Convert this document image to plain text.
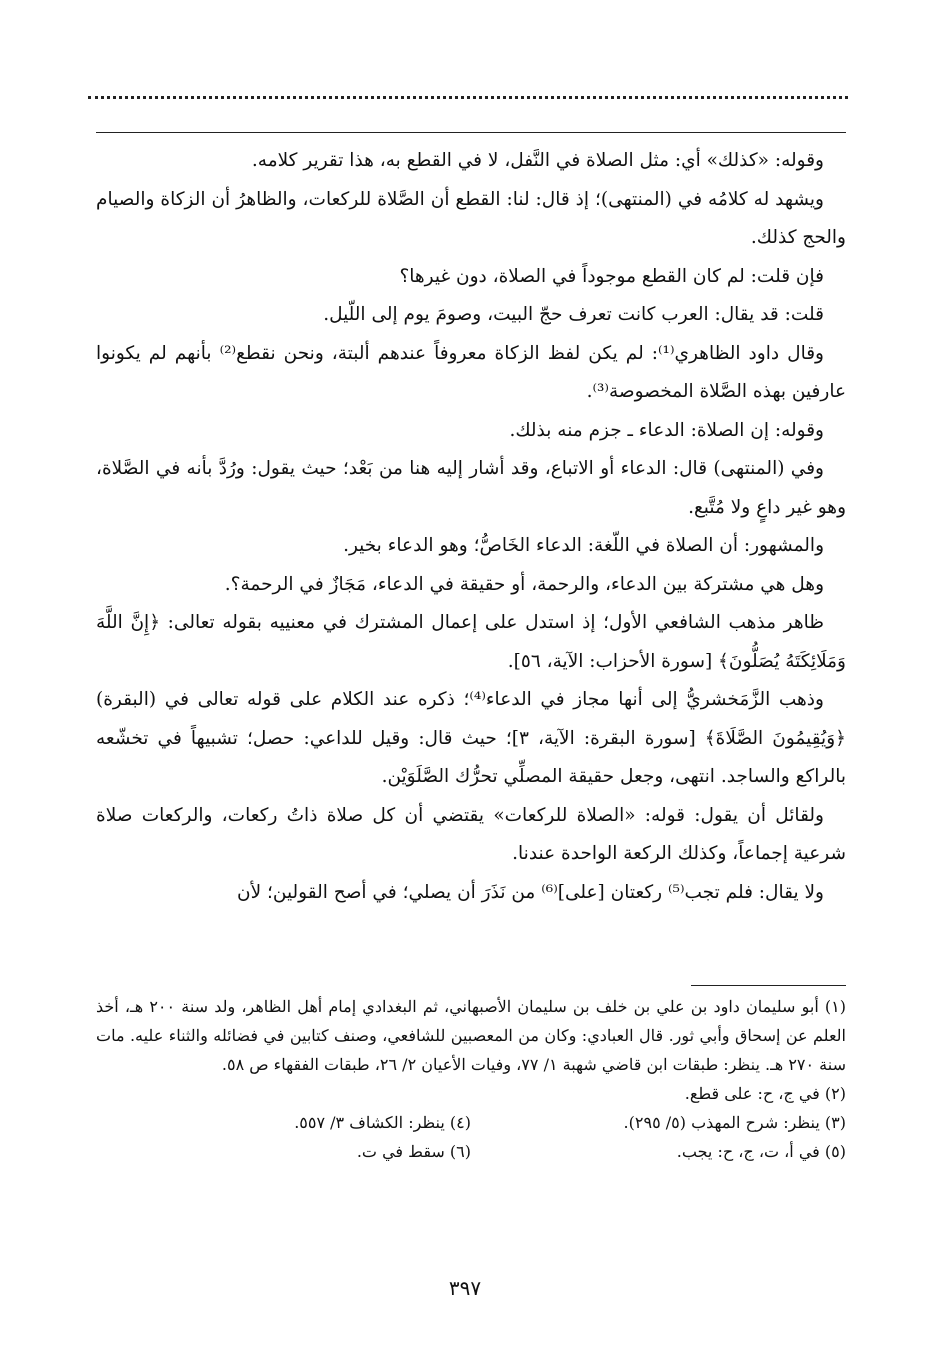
وقوله: «كذلك» أي: مثل الصلاة في النَّفل، لا في القطع به، هذا تقرير كلامه.

ويشهد له كلامُه في (المنتهى)؛ إذ قال: لنا: القطع أن الصَّلاة للركعات، والظاهرُ أن الزكاة والصيام والحج كذلك.

فإن قلت: لم كان القطع موجوداً في الصلاة، دون غيرها؟

قلت: قد يقال: العرب كانت تعرف حجّ البيت، وصومَ يوم إلى اللّيل.

وقال داود الظاهري⁽¹⁾: لم يكن لفظ الزكاة معروفاً عندهم ألبتة، ونحن نقطع⁽²⁾ بأنهم لم يكونوا عارفين بهذه الصَّلاة المخصوصة⁽³⁾.

وقوله: إن الصلاة: الدعاء ـ جزم منه بذلك.

وفي (المنتهى) قال: الدعاء أو الاتباع، وقد أشار إليه هنا من بَعْد؛ حيث يقول: ورُدَّ بأنه في الصَّلاة، وهو غير داعٍ ولا مُتَّبع.

والمشهور: أن الصلاة في اللّغة: الدعاء الخَاصُّ؛ وهو الدعاء بخير.

وهل هي مشتركة بين الدعاء، والرحمة، أو حقيقة في الدعاء، مَجَازٌ في الرحمة؟.

ظاهر مذهب الشافعي الأول؛ إذ استدل على إعمال المشترك في معنييه بقوله تعالى: ﴿إِنَّ اللَّهَ وَمَلَائِكَتَهُ يُصَلُّونَ﴾ [سورة الأحزاب: الآية، ٥٦].

وذهب الزَّمَخشريُّ إلى أنها مجاز في الدعاء⁽⁴⁾؛ ذكره عند الكلام على قوله تعالى في (البقرة) ﴿وَيُقِيمُونَ الصَّلَاةَ﴾ [سورة البقرة: الآية، ٣]؛ حيث قال: وقيل للداعي: حصل؛ تشبيهاً في تخشّعه بالراكع والساجد. انتهى، وجعل حقيقة المصلِّي تحرُّك الصَّلَوَيْن.

ولقائل أن يقول: قوله: «الصلاة للركعات» يقتضي أن كل صلاة ذاتُ ركعات، والركعات صلاة شرعية إجماعاً، وكذلك الركعة الواحدة عندنا.

ولا يقال: فلم تجب⁽⁵⁾ ركعتان [على]⁽⁶⁾ من نَذَرَ أن يصلي؛ في أصح القولين؛ لأن

(١) أبو سليمان داود بن علي بن خلف بن سليمان الأصبهاني، ثم البغدادي إمام أهل الظاهر، ولد سنة ٢٠٠ هـ، أخذ العلم عن إسحاق وأبي ثور. قال العبادي: وكان من المعصبين للشافعي، وصنف كتابين في فضائله والثناء عليه. مات سنة ٢٧٠ هـ. ينظر: طبقات ابن قاضي شهبة ١/ ٧٧، وفيات الأعيان ٢/ ٢٦، طبقات الفقهاء ص ٥٨.

(٢) في ج، ح: على قطع.

(٣) ينظر: شرح المهذب (٥/ ٢٩٥).
(٤) ينظر: الكشاف ٣/ ٥٥٧.
(٥) في أ، ت، ج، ح: يجب.
(٦) سقط في ت.
٣٩٧
